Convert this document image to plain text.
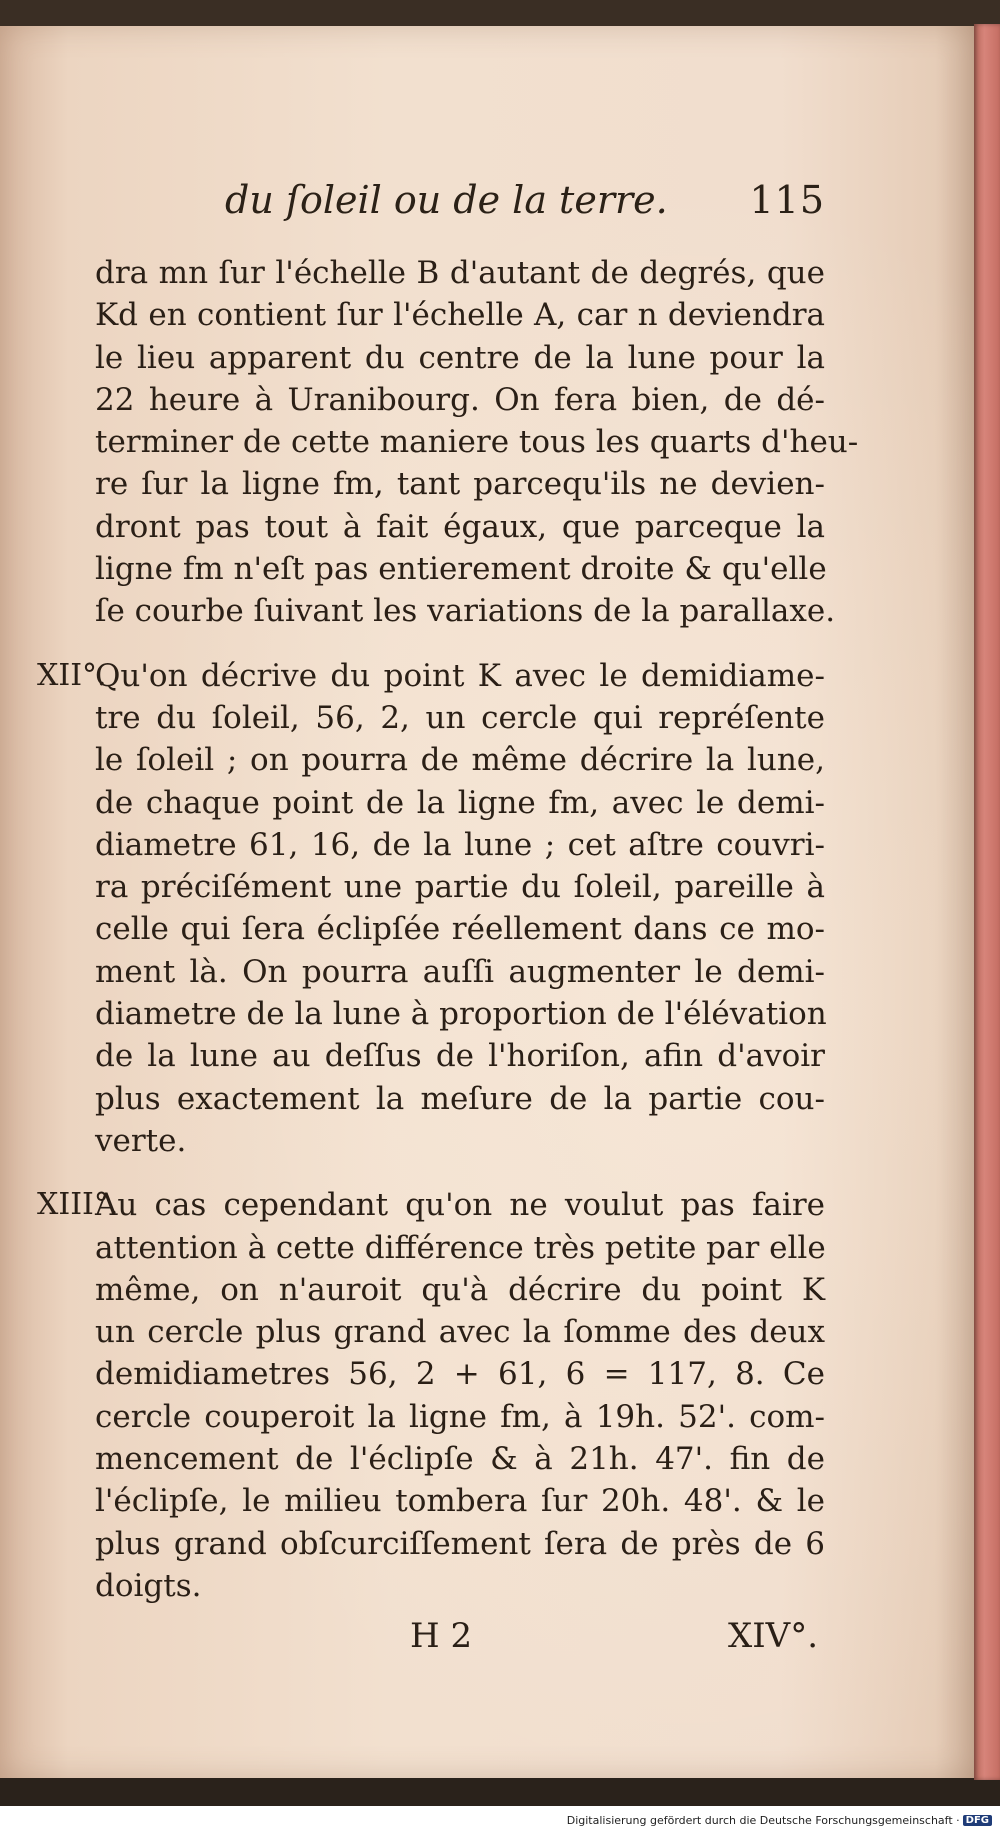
du ſoleil ou de la terre. 115
dra mn ſur l'échelle B d'autant de degrés, que
Kd en contient ſur l'échelle A, car n deviendra
le lieu apparent du centre de la lune pour la
22 heure à Uranibourg. On fera bien, de dé-
terminer de cette maniere tous les quarts d'heu-
re ſur la ligne fm, tant parcequ'ils ne devien-
dront pas tout à fait égaux, que parceque la
ligne fm n'eſt pas entierement droite & qu'elle
ſe courbe ſuivant les variations de la parallaxe.
XII°.
Qu'on décrive du point K avec le demidiame-
tre du ſoleil, 56, 2, un cercle qui repréſente
le ſoleil ; on pourra de même décrire la lune,
de chaque point de la ligne fm, avec le demi-
diametre 61, 16, de la lune ; cet aſtre couvri-
ra préciſément une partie du ſoleil, pareille à
celle qui ſera éclipſée réellement dans ce mo-
ment là. On pourra auſſi augmenter le demi-
diametre de la lune à proportion de l'élévation
de la lune au deſſus de l'horiſon, afin d'avoir
plus exactement la meſure de la partie cou-
verte.
XIII°.
Au cas cependant qu'on ne voulut pas faire
attention à cette différence très petite par elle
même, on n'auroit qu'à décrire du point K
un cercle plus grand avec la ſomme des deux
demidiametres 56, 2 + 61, 6 = 117, 8. Ce
cercle couperoit la ligne fm, à 19h. 52'. com-
mencement de l'éclipſe & à 21h. 47'. fin de
l'éclipſe, le milieu tombera ſur 20h. 48'. & le
plus grand obſcurciſſement ſera de près de 6
doigts.
H 2	XIV°.
Digitalisierung gefördert durch die Deutsche Forschungsgemeinschaft · DFG
